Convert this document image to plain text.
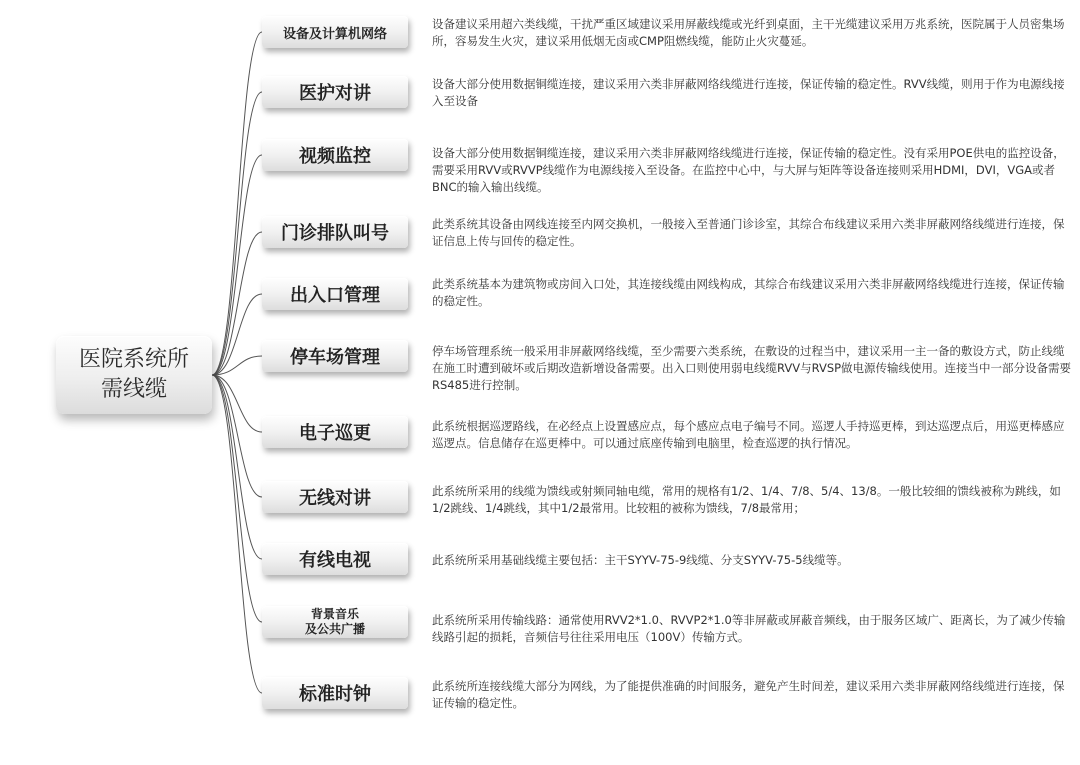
医院系统所
需线缆
设备及计算机网络
设备建议采用超六类线缆，干扰严重区域建议采用屏蔽线缆或光纤到桌面，主干光缆建议采用万兆系统，医院属于人员密集场所，容易发生火灾，建议采用低烟无卤或CMP阻燃线缆，能防止火灾蔓延。
医护对讲	设备大部分使用数据铜缆连接，建议采用六类非屏蔽网络线缆进行连接，保证传输的稳定性。RVV线缆，则用于作为电源线接入至设备
视频监控	设备大部分使用数据铜缆连接，建议采用六类非屏蔽网络线缆进行连接，保证传输的稳定性。没有采用POE供电的监控设备，需要采用RVV或RVVP线缆作为电源线接入至设备。在监控中心中，与大屏与矩阵等设备连接则采用HDMI，DVI，VGA或者BNC的输入输出线缆。
门诊排队叫号	此类系统其设备由网线连接至内网交换机，一般接入至普通门诊诊室，其综合布线建议采用六类非屏蔽网络线缆进行连接，保证信息上传与回传的稳定性。
出入口管理
此类系统基本为建筑物或房间入口处，其连接线缆由网线构成，其综合布线建议采用六类非屏蔽网络线缆进行连接，保证传输的稳定性。
停车场管理	停车场管理系统一般采用非屏蔽网络线缆，至少需要六类系统，在敷设的过程当中，建议采用一主一备的敷设方式，防止线缆在施工时遭到破坏或后期改造新增设备需要。出入口则使用弱电线缆RVV与RVSP做电源传输线使用。连接当中一部分设备需要RS485进行控制。
电子巡更	此系统根据巡逻路线，在必经点上设置感应点，每个感应点电子编号不同。巡逻人手持巡更棒，到达巡逻点后，用巡更棒感应巡逻点。信息储存在巡更棒中。可以通过底座传输到电脑里，检查巡逻的执行情况。
无线对讲	此系统所采用的线缆为馈线或射频同轴电缆，常用的规格有1/2、1/4、7/8、5/4、13/8。一般比较细的馈线被称为跳线，如1/2跳线、1/4跳线，其中1/2最常用。比较粗的被称为馈线，7/8最常用；
有线电视	此系统所采用基础线缆主要包括：主干SYYV-75-9线缆、分支SYYV-75-5线缆等。
背景音乐
及公共广播
此系统所采用传输线路：通常使用RVV2*1.0、RVVP2*1.0等非屏蔽或屏蔽音频线，由于服务区域广、距离长，为了减少传输线路引起的损耗，音频信号往往采用电压（100V）传输方式。
标准时钟	此系统所连接线缆大部分为网线，为了能提供准确的时间服务，避免产生时间差，建议采用六类非屏蔽网络线缆进行连接，保证传输的稳定性。
